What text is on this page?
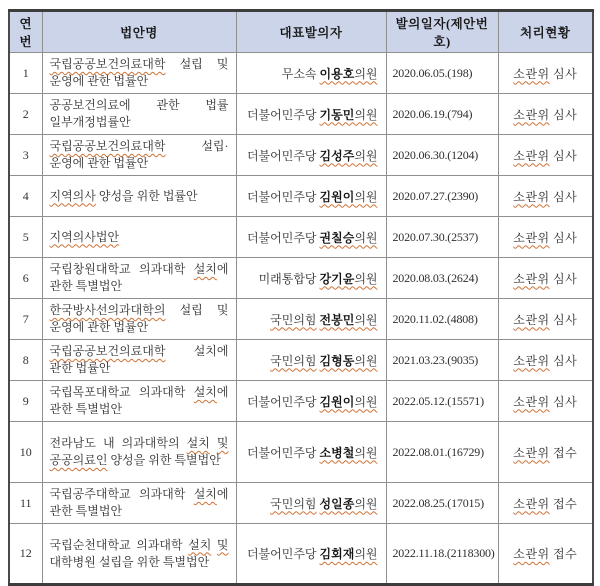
연번	법안명	대표발의자	발의일자(제안번호)	처리현황
1	국립공공보건의료대학 설립 및 운영에 관한 법률안	무소속 이용호의원	2020.06.05.(198)	소관위 심사
2	공공보건의료에 관한 법률 일부개정법률안	더불어민주당 기동민의원	2020.06.19.(794)	소관위 심사
3	국립공공보건의료대학 설립·운영에 관한 법률안	더불어민주당 김성주의원	2020.06.30.(1204)	소관위 심사
4	지역의사 양성을 위한 법률안	더불어민주당 김원이의원	2020.07.27.(2390)	소관위 심사
5	지역의사법안	더불어민주당 권칠승의원	2020.07.30.(2537)	소관위 심사
6	국립창원대학교 의과대학 설치에 관한 특별법안	미래통합당 강기윤의원	2020.08.03.(2624)	소관위 심사
7	한국방사선의과대학의 설립 및 운영에 관한 법률안	국민의힘 전봉민의원	2020.11.02.(4808)	소관위 심사
8	국립공공보건의료대학 설치에 관한 법률안	국민의힘 김형동의원	2021.03.23.(9035)	소관위 심사
9	국립목포대학교 의과대학 설치에 관한 특별법안	더불어민주당 김원이의원	2022.05.12.(15571)	소관위 심사
10	전라남도 내 의과대학의 설치 및 공공의료인 양성을 위한 특별법안	더불어민주당 소병철의원	2022.08.01.(16729)	소관위 접수
11	국립공주대학교 의과대학 설치에 관한 특별법안	국민의힘 성일종의원	2022.08.25.(17015)	소관위 접수
12	국립순천대학교 의과대학 설치 및 대학병원 설립을 위한 특별법안	더불어민주당 김회재의원	2022.11.18.(2118300)	소관위 접수
